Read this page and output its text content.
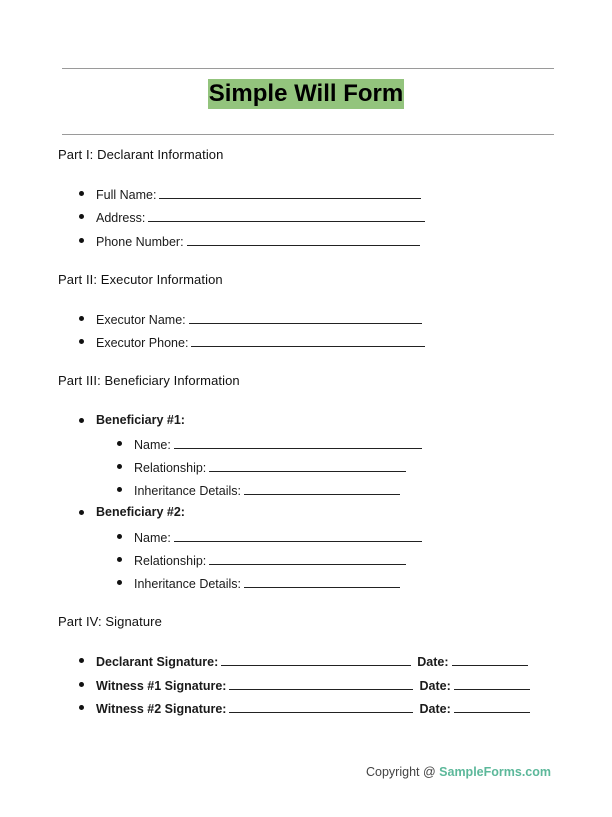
Simple Will Form
Part I: Declarant Information
Full Name:
Address:
Phone Number:
Part II: Executor Information
Executor Name:
Executor Phone:
Part III: Beneficiary Information
Beneficiary #1:
Name:
Relationship:
Inheritance Details:
Beneficiary #2:
Name:
Relationship:
Inheritance Details:
Part IV: Signature
Declarant Signature:	Date:
Witness #1 Signature:	Date:
Witness #2 Signature:	Date:
Copyright @ SampleForms.com
